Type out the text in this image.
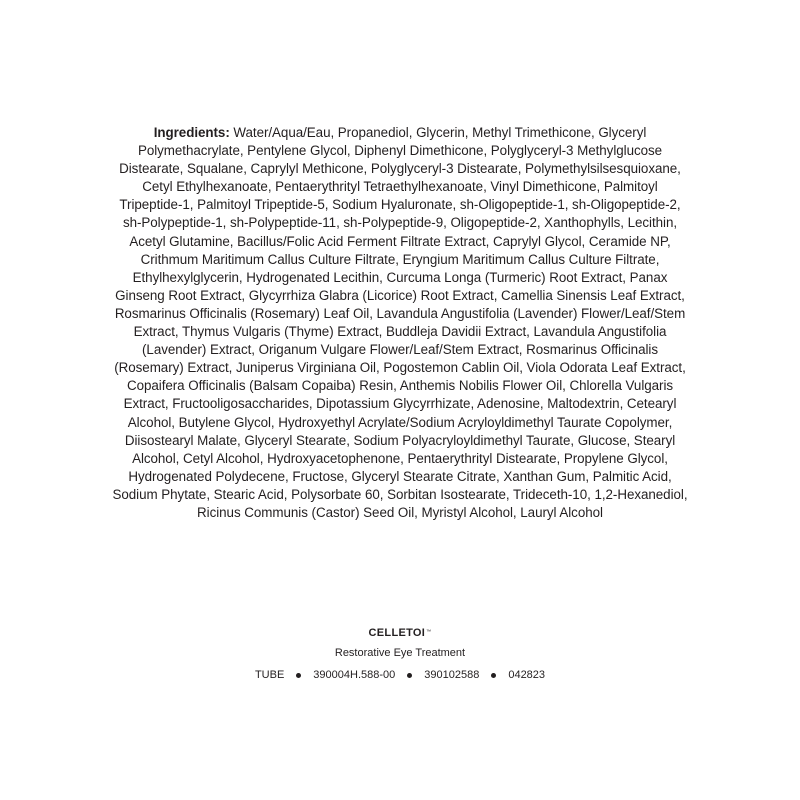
Ingredients: Water/Aqua/Eau, Propanediol, Glycerin, Methyl Trimethicone, Glyceryl Polymethacrylate, Pentylene Glycol, Diphenyl Dimethicone, Polyglyceryl-3 Methylglucose Distearate, Squalane, Caprylyl Methicone, Polyglyceryl-3 Distearate, Polymethylsilsesquioxane, Cetyl Ethylhexanoate, Pentaerythrityl Tetraethylhexanoate, Vinyl Dimethicone, Palmitoyl Tripeptide-1, Palmitoyl Tripeptide-5, Sodium Hyaluronate, sh-Oligopeptide-1, sh-Oligopeptide-2, sh-Polypeptide-1, sh-Polypeptide-11, sh-Polypeptide-9, Oligopeptide-2, Xanthophylls, Lecithin, Acetyl Glutamine, Bacillus/Folic Acid Ferment Filtrate Extract, Caprylyl Glycol, Ceramide NP, Crithmum Maritimum Callus Culture Filtrate, Eryngium Maritimum Callus Culture Filtrate, Ethylhexylglycerin, Hydrogenated Lecithin, Curcuma Longa (Turmeric) Root Extract, Panax Ginseng Root Extract, Glycyrrhiza Glabra (Licorice) Root Extract, Camellia Sinensis Leaf Extract, Rosmarinus Officinalis (Rosemary) Leaf Oil, Lavandula Angustifolia (Lavender) Flower/Leaf/Stem Extract, Thymus Vulgaris (Thyme) Extract, Buddleja Davidii Extract, Lavandula Angustifolia (Lavender) Extract, Origanum Vulgare Flower/Leaf/Stem Extract, Rosmarinus Officinalis (Rosemary) Extract, Juniperus Virginiana Oil, Pogostemon Cablin Oil, Viola Odorata Leaf Extract, Copaifera Officinalis (Balsam Copaiba) Resin, Anthemis Nobilis Flower Oil, Chlorella Vulgaris Extract, Fructooligosaccharides, Dipotassium Glycyrrhizate, Adenosine, Maltodextrin, Cetearyl Alcohol, Butylene Glycol, Hydroxyethyl Acrylate/Sodium Acryloyldimethyl Taurate Copolymer, Diisostearyl Malate, Glyceryl Stearate, Sodium Polyacryloyldimethyl Taurate, Glucose, Stearyl Alcohol, Cetyl Alcohol, Hydroxyacetophenone, Pentaerythrityl Distearate, Propylene Glycol, Hydrogenated Polydecene, Fructose, Glyceryl Stearate Citrate, Xanthan Gum, Palmitic Acid, Sodium Phytate, Stearic Acid, Polysorbate 60, Sorbitan Isostearate, Trideceth-10, 1,2-Hexanediol, Ricinus Communis (Castor) Seed Oil, Myristyl Alcohol, Lauryl Alcohol
CELLETOI™
Restorative Eye Treatment
TUBE	390004H.588-00	390102588	042823
